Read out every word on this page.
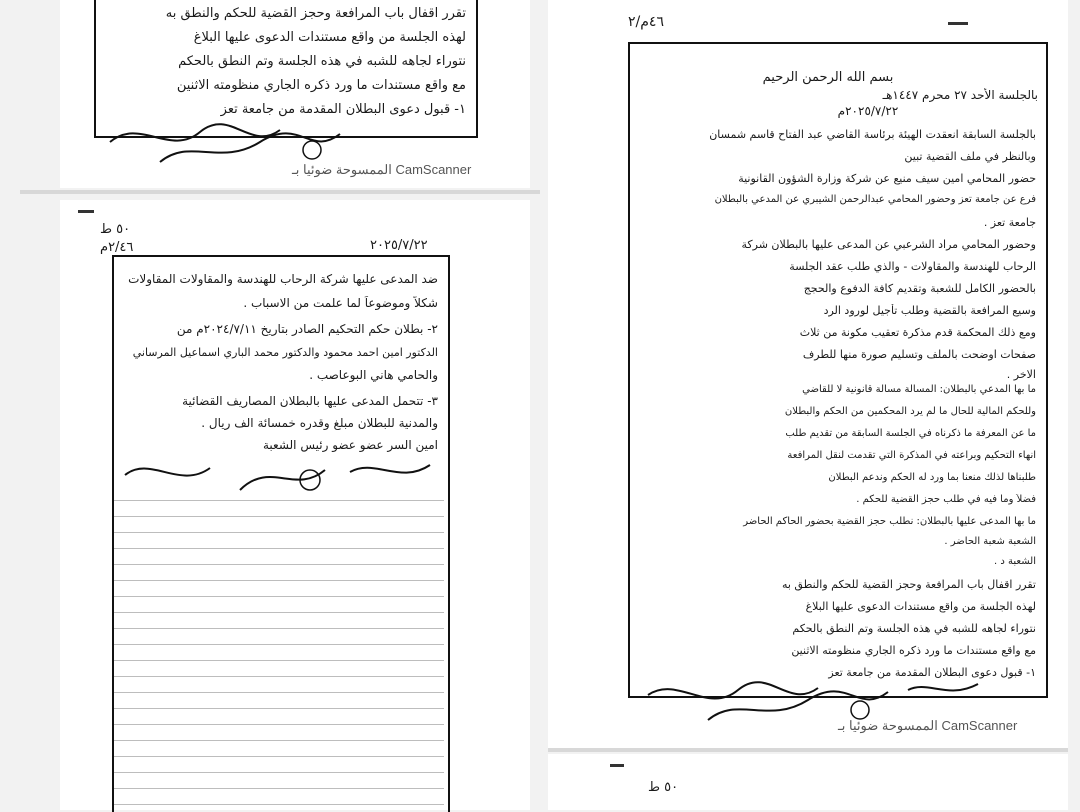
تقرر اقفال باب المرافعة وحجز القضية للحكم والنطق به
لهذه الجلسة من واقع مستندات الدعوى عليها البلاغ
نتوراء لجاهه للشبه في هذه الجلسة وتم النطق بالحكم
مع واقع مستندات ما ورد ذكره الجاري منظومته الاثنين
١- قبول دعوى البطلان المقدمة من جامعة تعز
الممسوحة ضوئيا بـ CamScanner
٥٠ ط
٢/٤٦م	٢٠٢٥/٧/٢٢
ضد المدعى عليها شركة الرحاب للهندسة والمقاولات المقاولات
شكلاً وموضوعاً لما علمت من الاسباب .
٢- بطلان حكم التحكيم الصادر بتاريخ ٢٠٢٤/٧/١١م من
الدكتور امين احمد محمود والدكتور محمد الباري اسماعيل المرساني
والحامي هاني البوعاصب .
٣- تتحمل المدعى عليها بالبطلان المصاريف القضائية
والمدنية للبطلان مبلغ وقدره خمسائة الف ريال .
امين السر عضو عضو رئيس الشعبة
٤٦م/٢
بسم الله الرحمن الرحيم
بالجلسة الأحد ٢٧ محرم ١٤٤٧هـ
٢٠٢٥/٧/٢٢م
بالجلسة السابقة انعقدت الهيئة برئاسة القاضي عبد الفتاح قاسم شمسان
وبالنظر في ملف القضية تبين
حضور المحامي امين سيف منيع عن شركة وزارة الشؤون القانونية
فرع عن جامعة تعز وحضور المحامي عبدالرحمن الشيبري عن المدعي بالبطلان
جامعة تعز .
وحضور المحامي مراد الشرعبي عن المدعى عليها بالبطلان شركة
الرحاب للهندسة والمقاولات - والذي طلب عقد الجلسة
بالحضور الكامل للشعبة وتقديم كافة الدفوع والحجج
وسيع المرافعة بالقضية وطلب تأجيل لورود الرد
ومع ذلك المحكمة قدم مذكرة تعقيب مكونة من ثلاث
صفحات اوضحت بالملف وتسليم صورة منها للطرف
الاخر .
ما بها المدعي بالبطلان: المسألة مسألة قانونية لا للقاضي
وللحكم المالية للحال ما لم يرد المحكمين من الحكم والبطلان
ما عن المعرفة ما ذكرناه في الجلسة السابقة من تقديم طلب
انهاء التحكيم وبراعته في المذكرة التي تقدمت لنقل المرافعة
طلبناها لذلك منعنا بما ورد له الحكم وندعم البطلان
فضلاً وما فيه في طلب حجز القضية للحكم .
ما بها المدعى عليها بالبطلان: نطلب حجز القضية بحضور الحاكم الحاضر
الشعبة شعبة الحاضر .
الشعبة د .
تقرر اقفال باب المرافعة وحجز القضية للحكم والنطق به
لهذه الجلسة من واقع مستندات الدعوى عليها البلاغ
نتوراء لجاهه للشبه في هذه الجلسة وتم النطق بالحكم
مع واقع مستندات ما ورد ذكره الجاري منظومته الاثنين
١- قبول دعوى البطلان المقدمة من جامعة تعز
الممسوحة ضوئيا بـ CamScanner
٥٠ ط
